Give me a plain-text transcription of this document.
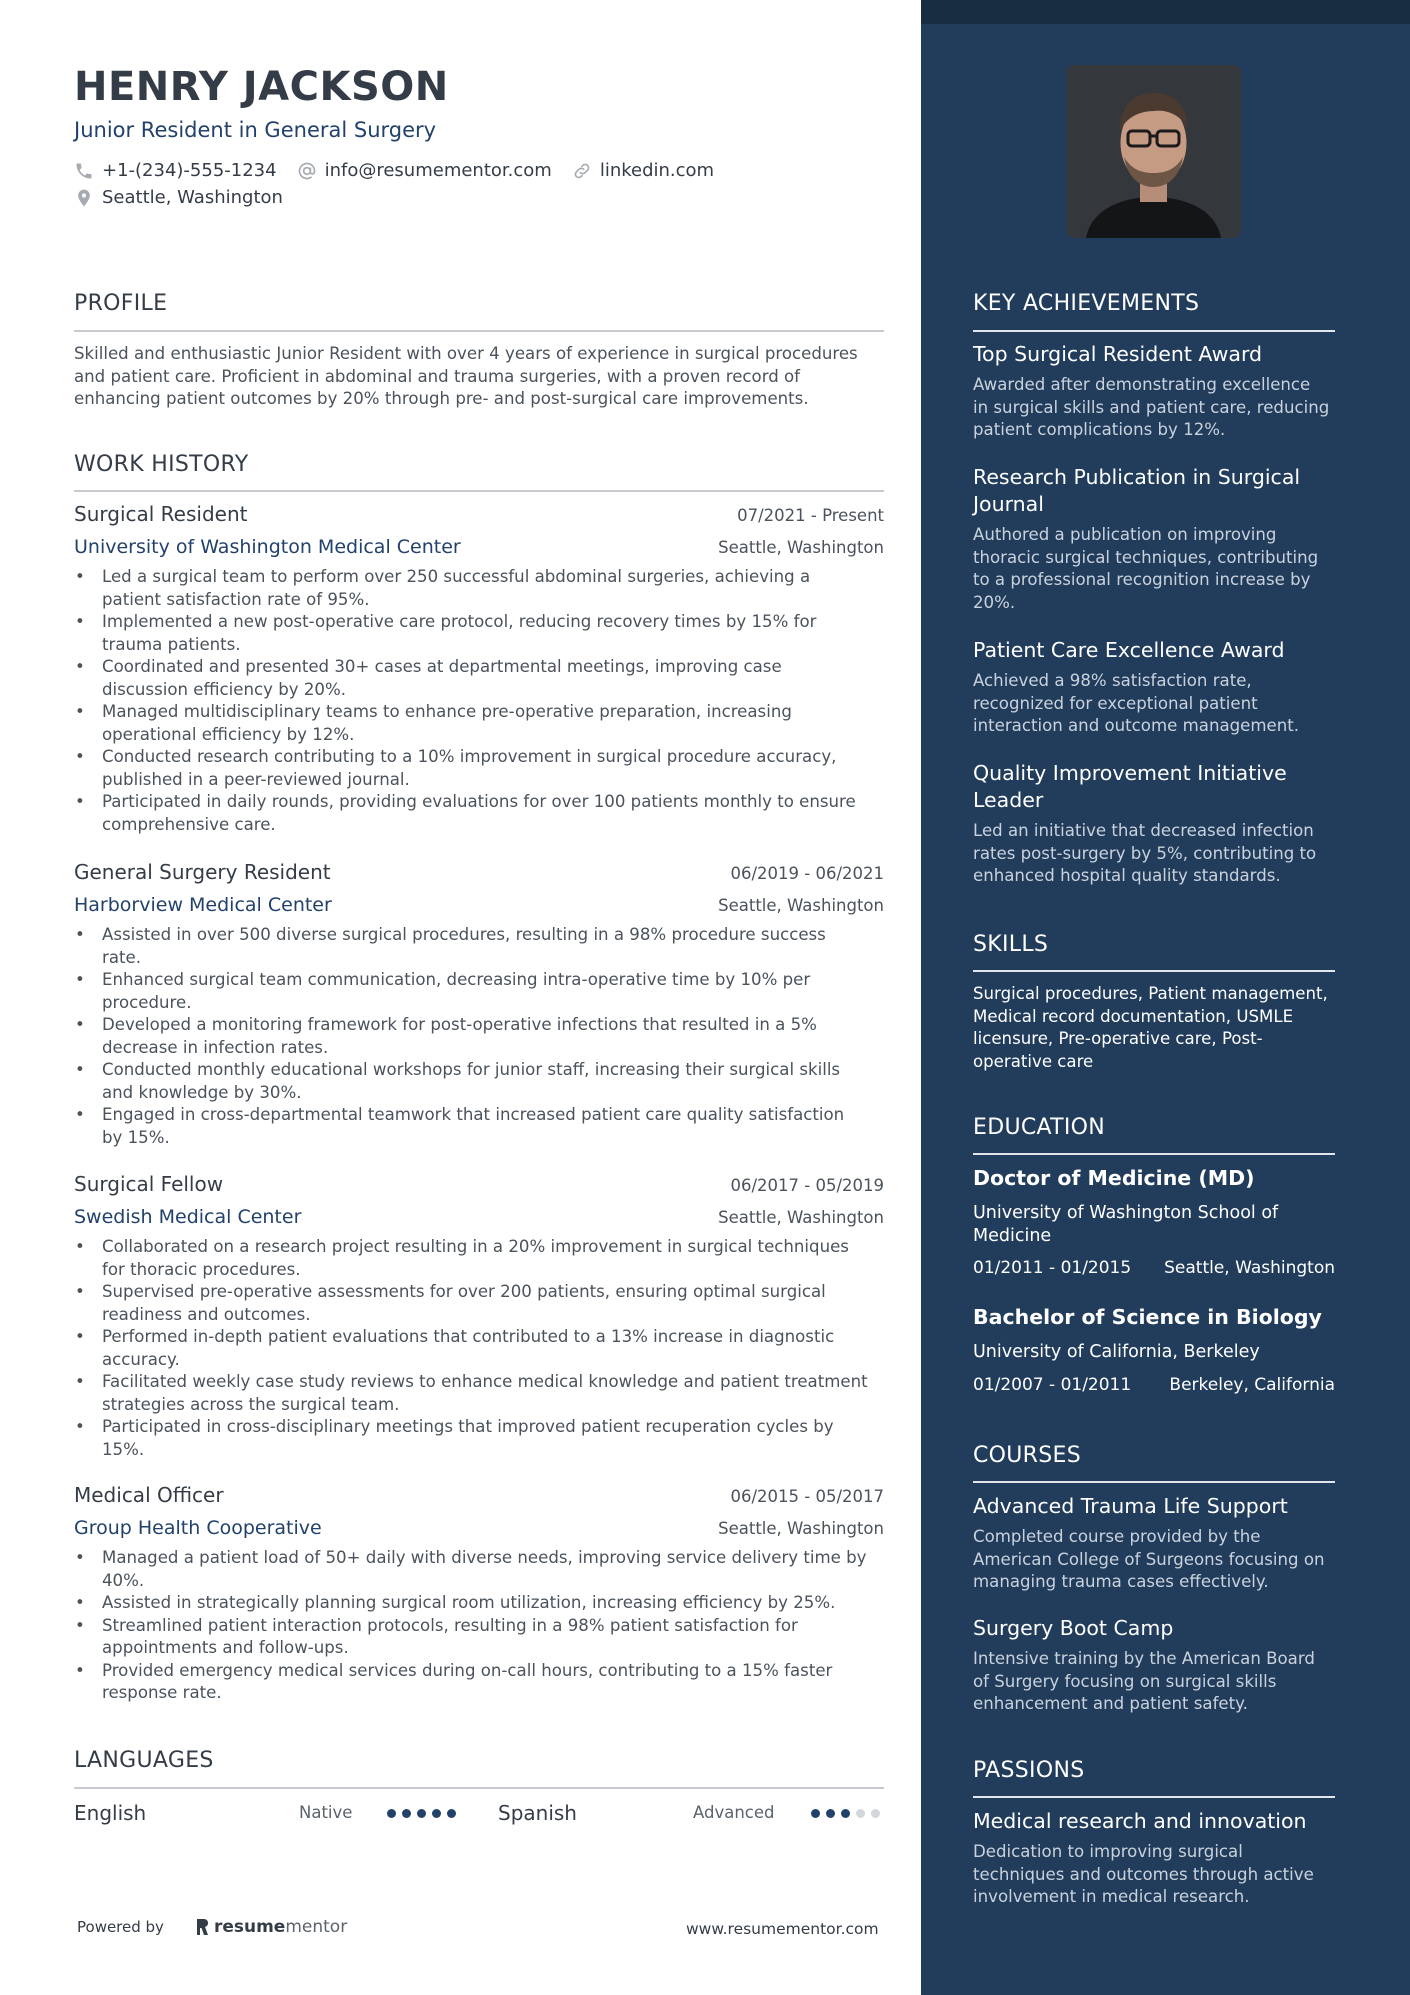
HENRY JACKSON
Junior Resident in General Surgery
+1-(234)-555-1234	info@resumementor.com	linkedin.com
Seattle, Washington
PROFILE
Skilled and enthusiastic Junior Resident with over 4 years of experience in surgical procedures
and patient care. Proficient in abdominal and trauma surgeries, with a proven record of
enhancing patient outcomes by 20% through pre- and post-surgical care improvements.
WORK HISTORY
Surgical Resident	07/2021 - Present
University of Washington Medical Center	Seattle, Washington
• Led a surgical team to perform over 250 successful abdominal surgeries, achieving a
patient satisfaction rate of 95%.
• Implemented a new post-operative care protocol, reducing recovery times by 15% for
trauma patients.
• Coordinated and presented 30+ cases at departmental meetings, improving case
discussion efficiency by 20%.
• Managed multidisciplinary teams to enhance pre-operative preparation, increasing
operational efficiency by 12%.
• Conducted research contributing to a 10% improvement in surgical procedure accuracy,
published in a peer-reviewed journal.
• Participated in daily rounds, providing evaluations for over 100 patients monthly to ensure
comprehensive care.
General Surgery Resident	06/2019 - 06/2021
Harborview Medical Center	Seattle, Washington
• Assisted in over 500 diverse surgical procedures, resulting in a 98% procedure success
rate.
• Enhanced surgical team communication, decreasing intra-operative time by 10% per
procedure.
• Developed a monitoring framework for post-operative infections that resulted in a 5%
decrease in infection rates.
• Conducted monthly educational workshops for junior staff, increasing their surgical skills
and knowledge by 30%.
• Engaged in cross-departmental teamwork that increased patient care quality satisfaction
by 15%.
Surgical Fellow	06/2017 - 05/2019
Swedish Medical Center	Seattle, Washington
• Collaborated on a research project resulting in a 20% improvement in surgical techniques
for thoracic procedures.
• Supervised pre-operative assessments for over 200 patients, ensuring optimal surgical
readiness and outcomes.
• Performed in-depth patient evaluations that contributed to a 13% increase in diagnostic
accuracy.
• Facilitated weekly case study reviews to enhance medical knowledge and patient treatment
strategies across the surgical team.
• Participated in cross-disciplinary meetings that improved patient recuperation cycles by
15%.
Medical Officer	06/2015 - 05/2017
Group Health Cooperative	Seattle, Washington
• Managed a patient load of 50+ daily with diverse needs, improving service delivery time by
40%.
• Assisted in strategically planning surgical room utilization, increasing efficiency by 25%.
• Streamlined patient interaction protocols, resulting in a 98% patient satisfaction for
appointments and follow-ups.
• Provided emergency medical services during on-call hours, contributing to a 15% faster
response rate.
LANGUAGES
English	Native	Spanish	Advanced
Powered by	resumementor	www.resumementor.com
KEY ACHIEVEMENTS
Top Surgical Resident Award
Awarded after demonstrating excellence
in surgical skills and patient care, reducing
patient complications by 12%.
Research Publication in Surgical
Journal
Authored a publication on improving
thoracic surgical techniques, contributing
to a professional recognition increase by
20%.
Patient Care Excellence Award
Achieved a 98% satisfaction rate,
recognized for exceptional patient
interaction and outcome management.
Quality Improvement Initiative
Leader
Led an initiative that decreased infection
rates post-surgery by 5%, contributing to
enhanced hospital quality standards.
SKILLS
Surgical procedures, Patient management,
Medical record documentation, USMLE
licensure, Pre-operative care, Post-
operative care
EDUCATION
Doctor of Medicine (MD)
University of Washington School of
Medicine
01/2011 - 01/2015 Seattle, Washington
Bachelor of Science in Biology
University of California, Berkeley
01/2007 - 01/2011 Berkeley, California
COURSES
Advanced Trauma Life Support
Completed course provided by the
American College of Surgeons focusing on
managing trauma cases effectively.
Surgery Boot Camp
Intensive training by the American Board
of Surgery focusing on surgical skills
enhancement and patient safety.
PASSIONS
Medical research and innovation
Dedication to improving surgical
techniques and outcomes through active
involvement in medical research.
